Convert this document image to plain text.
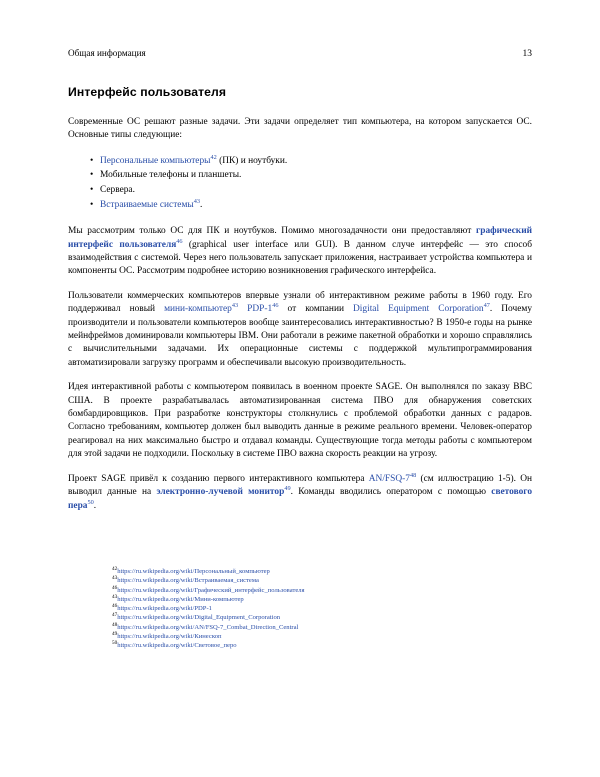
Общая информация	13
Интерфейс пользователя

Современные ОС решают разные задачи. Эти задачи определяет тип компьютера, на котором запускается ОС. Основные типы следующие:

• Персональные компьютеры$^{42}$ (ПК) и ноутбуки.
• Мобильные телефоны и планшеты.
• Сервера.
• Встраиваемые системы$^{43}$.

Мы рассмотрим только ОС для ПК и ноутбуков. Помимо многозадачности они предоставляют графический интерфейс пользователя$^{46}$ (graphical user interface или GUI). В данном случе интерфейс — это способ взаимодействия с системой. Через него пользователь запускает приложения, настраивает устройства компьютера и компоненты ОС. Рассмотрим подробнее историю возникновения графического интерфейса.

Пользователи коммерческих компьютеров впервые узнали об интерактивном режиме работы в 1960 году. Его поддерживал новый мини-компьютер$^{43}$ PDP-$1^{46}$ от компании Digital Equipment Corporation$^{47}$. Почему производители и пользователи компьютеров вообще заинтересовались интерактивностью? В 1950-е годы на рынке мейнфреймов доминировали компьютеры IBM. Они работали в режиме пакетной обработки и хорошо справлялись с вычислительными задачами. Их операционные системы с поддержкой мультипрограммирования автоматизировали загрузку программ и обеспечивали высокую производительность.

Идея интерактивной работы с компьютером появилась в военном проекте SAGE. Он выполнялся по заказу ВВС США. В проекте разрабатывалась автоматизированная система ПВО для обнаружения советских бомбардировщиков. При разработке конструкторы столкнулись с проблемой обработки данных с радаров. Согласно требованиям, компьютер должен был выводить данные в режиме реального времени. Человек-оператор реагировал на них максимально быстро и отдавал команды. Существующие тогда методы работы с компьютером для этой задачи не подходили. Поскольку в системе ПВО важна скорость реакции на угрозу.

Проект SAGE привёл к созданию первого интерактивного компьютера $AN/FSQ-7^{48}$ (см иллюстрацию 1-5). Он выводил данные на электронно-лучевой монитор$^{49}$. Команды вводились оператором с помощью светового пера$^{50}$.

$^{42}$https://ru.wikipedia.org/wiki/Персональный_компьютер
$^{43}$https://ru.wikipedia.org/wiki/Встраиваемая_система
$^{46}$https://ru.wikipedia.org/wiki/Графический_интерфейс_пользователя
$^{43}$https://ru.wikipedia.org/wiki/Мини-компьютер
$^{46}$https://ru.wikipedia.org/wiki/PDP-1
$^{47}$https://ru.wikipedia.org/wiki/Digital_Equipment_Corporation
$^{48}$https://ru.wikipedia.org/wiki/AN/FSQ-7_Combat_Direction_Central
$^{49}$https://ru.wikipedia.org/wiki/Кинескоп
$^{50}$https://ru.wikipedia.org/wiki/Световое_перо
